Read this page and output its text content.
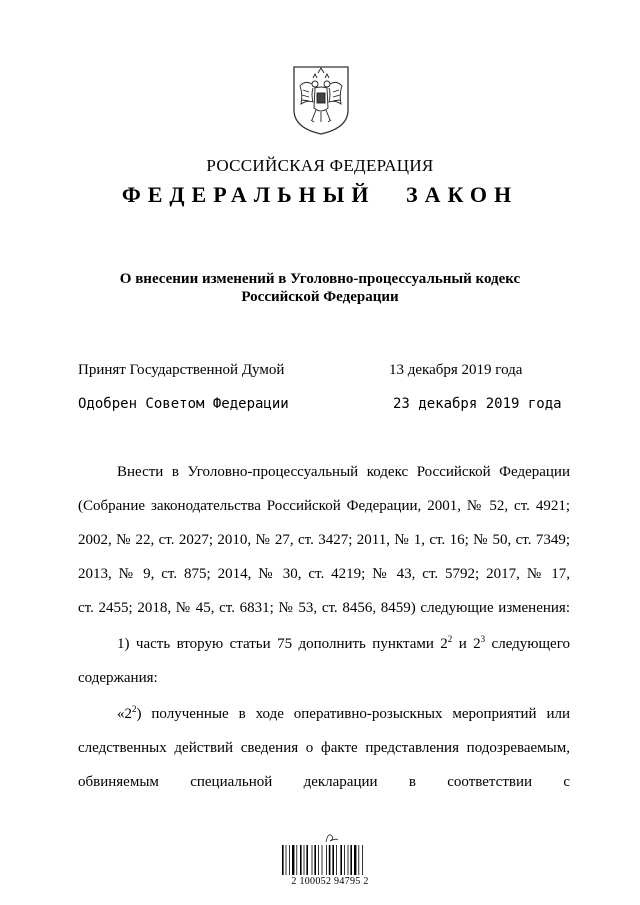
РОССИЙСКАЯ ФЕДЕРАЦИЯ
ФЕДЕРАЛЬНЫЙ ЗАКОН
О внесении изменений в Уголовно-процессуальный кодекс
Российской Федерации
Принят Государственной Думой	13 декабря 2019 года
Одобрен Советом Федерации	23 декабря 2019 года
Внести в Уголовно-процессуальный кодекс Российской Федерации
(Собрание законодательства Российской Федерации, 2001, № 52, ст. 4921;
2002, № 22, ст. 2027; 2010, № 27, ст. 3427; 2011, № 1, ст. 16; № 50, ст. 7349;
2013, № 9, ст. 875; 2014, № 30, ст. 4219; № 43, ст. 5792; 2017, № 17,
ст. 2455; 2018, № 45, ст. 6831; № 53, ст. 8456, 8459) следующие изменения:
1) часть вторую статьи 75 дополнить пунктами $2^2$ и $2^3$ следующего
содержания:
«$2^2$) полученные в ходе оперативно-розыскных мероприятий или
следственных действий сведения о факте представления подозреваемым,
обвиняемым специальной декларации в соответствии с
2 100052 94795 2
